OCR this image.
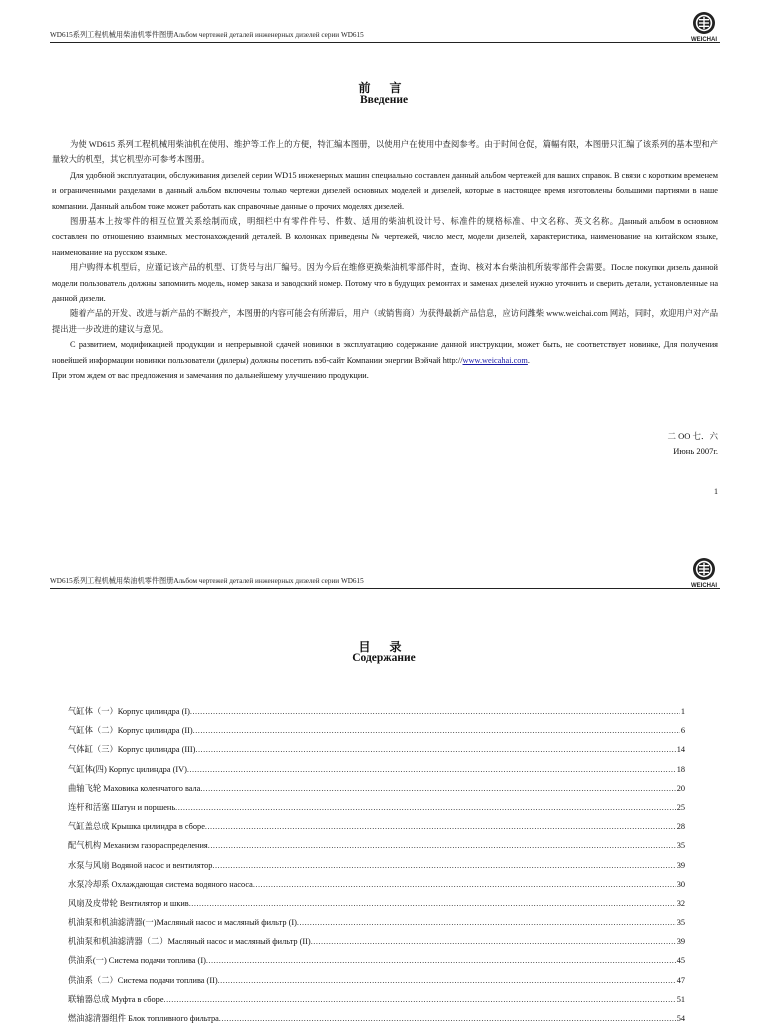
WD615系列工程机械用柴油机零件图册Альбом чертежей деталей инженерных дизелей серии WD615
WEICHAI
前 言
Введение

为使 WD615 系列工程机械用柴油机在使用、维护等工作上的方便，特汇编本图册，以使用户在使用中查阅参考。由于时间仓促，篇幅有限，本图册只汇编了该系列的基本型和产量较大的机型，其它机型亦可参考本图册。

Для удобной эксплуатации, обслуживания дизелей серии WD15 инженерных машин специально составлен данный альбом чертежей для ваших справок. В связи с коротким временем и ограниченными разделами в данный альбом включены только чертежи дизелей основных моделей и дизелей, которые в настоящее время изготовлены большими партиями в наше компании. Данный альбом тоже может работать как справочные данные о прочих моделях дизелей.

图册基本上按零件的相互位置关系绘制而成，明细栏中有零件件号、件数、适用的柴油机设计号、标准件的规格标准、中文名称、英文名称。Данный альбом в основном составлен по отношению взаимных местонахождений деталей. В колонках приведены № чертежей, число мест, модели дизелей, характеристика, наименование на китайском языке, наименование на русском языке.

用户购得本机型后，应谨记该产品的机型、订货号与出厂编号。因为今后在维修更换柴油机零部件时，查询、核对本台柴油机所装零部件会需要。После покупки дизель данной модели пользователь должны запомнить модель, номер заказа и заводский номер. Потому что в будущих ремонтах и заменах дизелей нужно уточнить и сверить детали, установленные на данной дизели.

随着产品的开发、改进与新产品的不断投产，本图册的内容可能会有所滞后，用户（或销售商）为获得最新产品信息，应访问潍柴 www.weichai.com 网站，同时，欢迎用户对产品提出进一步改进的建议与意见。

С развитием, модификацией продукции и непрерывной сдачей новинки в эксплуатацию содержание данной инструкции, может быть, не соответствует новинке, Для получения новейшей информации новинки пользователи (дилеры) должны посетить вэб-сайт Компании энергии Вэйчай http://www.weicahai.com.

При этом ждем от вас предложения и замечания по дальнейшему улучшению продукции.

二 OO 七．六
Июнь 2007г.
1
WD615系列工程机械用柴油机零件图册Альбом чертежей деталей инженерных дизелей серии WD615
WEICHAI
目 录
Содержание
气缸体（一）Корпус цилиндра (I) .....	1
气缸体（二）Корпус цилиндра (II) .....	6
气体缸（三）Корпус цилиндра (III) .....	14
气缸体(四) Корпус цилиндра (IV) .....	18
曲轴飞轮 Маховика коленчатого вала .....	20
连杆和活塞 Шатун и поршень .....	25
气缸盖总成 Крышка цилиндра в сборе .....	28
配气机构 Механизм газораспределения .....	35
水泵与风扇 Водяной насос и вентилятор .....	39
水泵冷却系 Охлаждающая система водяного насоса .....	30
风扇及皮带轮 Вентилятор и шкив .....	32
机油泵和机油滤清器(一)Масляный насос и масляный фильтр (I) .....	35
机油泵和机油滤清器（二）Масляный насос и масляный фильтр (II) .....	39
供油系(一) Система подачи топлива (I) .....	45
供油系（二）Система подачи топлива (II) .....	47
联轴器总成 Муфта в сборе .....	51
燃油滤清器组件 Блок топливного фильтра .....	54
